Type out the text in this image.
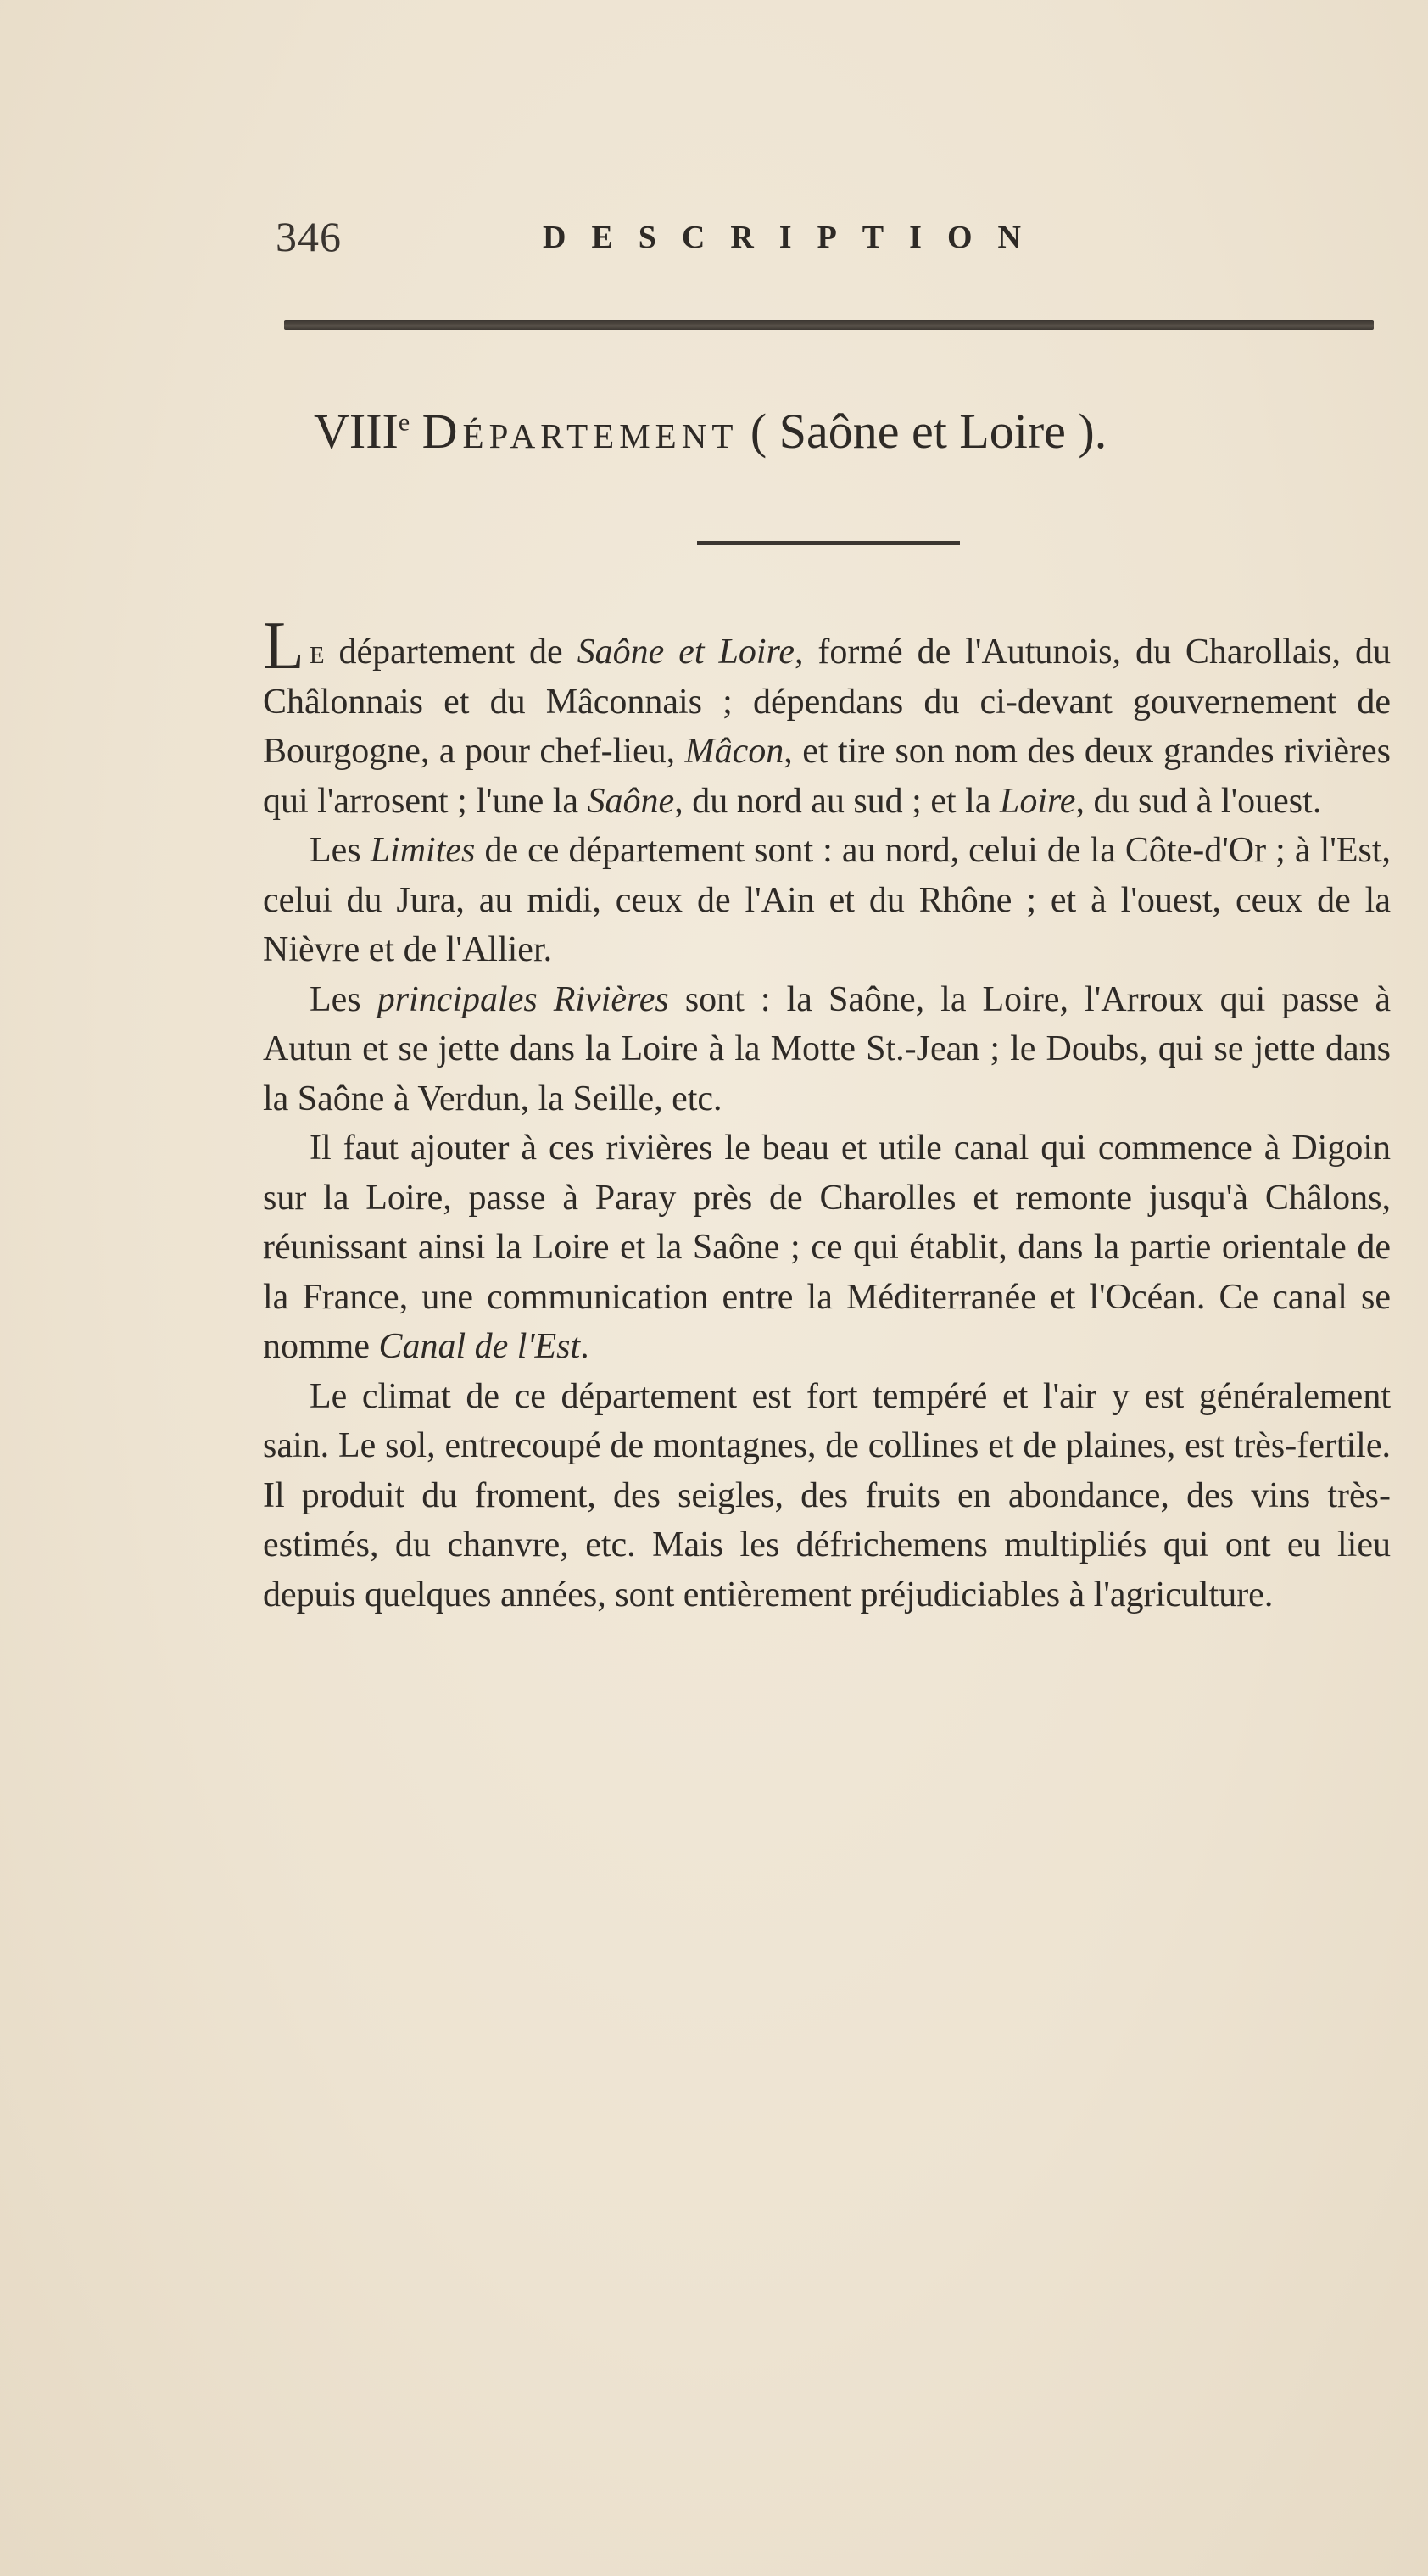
346	DESCRIPTION
VIIIe Département ( Saône et Loire ).

Le département de Saône et Loire, formé de l'Autunois, du Charollais, du Châlonnais et du Mâconnais ; dépendans du ci-devant gouvernement de Bourgogne, a pour chef-lieu, Mâcon, et tire son nom des deux grandes rivières qui l'arrosent ; l'une la Saône, du nord au sud ; et la Loire, du sud à l'ouest.

Les Limites de ce département sont : au nord, celui de la Côte-d'Or ; à l'Est, celui du Jura, au midi, ceux de l'Ain et du Rhône ; et à l'ouest, ceux de la Nièvre et de l'Allier.

Les principales Rivières sont : la Saône, la Loire, l'Arroux qui passe à Autun et se jette dans la Loire à la Motte St.-Jean ; le Doubs, qui se jette dans la Saône à Verdun, la Seille, etc.

Il faut ajouter à ces rivières le beau et utile canal qui commence à Digoin sur la Loire, passe à Paray près de Charolles et remonte jusqu'à Châlons, réunissant ainsi la Loire et la Saône ; ce qui établit, dans la partie orientale de la France, une communication entre la Méditerranée et l'Océan. Ce canal se nomme Canal de l'Est.

Le climat de ce département est fort tempéré et l'air y est généralement sain. Le sol, entrecoupé de montagnes, de collines et de plaines, est très-fertile. Il produit du froment, des seigles, des fruits en abondance, des vins très-estimés, du chanvre, etc. Mais les défrichemens multipliés qui ont eu lieu depuis quelques années, sont entièrement préjudiciables à l'agriculture.
